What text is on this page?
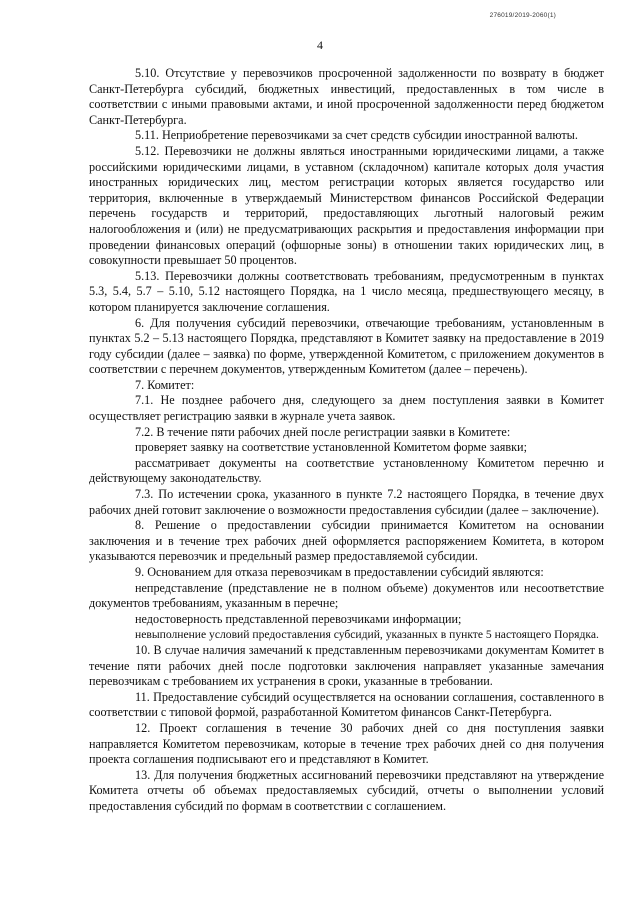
276019/2019-2060(1)
4

5.10. Отсутствие у перевозчиков просроченной задолженности по возврату в бюджет Санкт-Петербурга субсидий, бюджетных инвестиций, предоставленных в том числе в соответствии с иными правовыми актами, и иной просроченной задолженности перед бюджетом Санкт-Петербурга.

5.11. Неприобретение перевозчиками за счет средств субсидии иностранной валюты.

5.12. Перевозчики не должны являться иностранными юридическими лицами, а также российскими юридическими лицами, в уставном (складочном) капитале которых доля участия иностранных юридических лиц, местом регистрации которых является государство или территория, включенные в утверждаемый Министерством финансов Российской Федерации перечень государств и территорий, предоставляющих льготный налоговый режим налогообложения и (или) не предусматривающих раскрытия и предоставления информации при проведении финансовых операций (офшорные зоны) в отношении таких юридических лиц, в совокупности превышает 50 процентов.

5.13. Перевозчики должны соответствовать требованиям, предусмотренным в пунктах 5.3, 5.4, 5.7 – 5.10, 5.12 настоящего Порядка, на 1 число месяца, предшествующего месяцу, в котором планируется заключение соглашения.

6. Для получения субсидий перевозчики, отвечающие требованиям, установленным в пунктах 5.2 – 5.13 настоящего Порядка, представляют в Комитет заявку на предоставление в 2019 году субсидии (далее – заявка) по форме, утвержденной Комитетом, с приложением документов в соответствии с перечнем документов, утвержденным Комитетом (далее – перечень).

7. Комитет:

7.1. Не позднее рабочего дня, следующего за днем поступления заявки в Комитет осуществляет регистрацию заявки в журнале учета заявок.

7.2. В течение пяти рабочих дней после регистрации заявки в Комитете:

проверяет заявку на соответствие установленной Комитетом форме заявки;

рассматривает документы на соответствие установленному Комитетом перечню и действующему законодательству.

7.3. По истечении срока, указанного в пункте 7.2 настоящего Порядка, в течение двух рабочих дней готовит заключение о возможности предоставления субсидии (далее – заключение).

8. Решение о предоставлении субсидии принимается Комитетом на основании заключения и в течение трех рабочих дней оформляется распоряжением Комитета, в котором указываются перевозчик и предельный размер предоставляемой субсидии.

9. Основанием для отказа перевозчикам в предоставлении субсидий являются:

непредставление (представление не в полном объеме) документов или несоответствие документов требованиям, указанным в перечне;

недостоверность представленной перевозчиками информации;

невыполнение условий предоставления субсидий, указанных в пункте 5 настоящего Порядка.

10. В случае наличия замечаний к представленным перевозчиками документам Комитет в течение пяти рабочих дней после подготовки заключения направляет указанные замечания перевозчикам с требованием их устранения в сроки, указанные в требовании.

11. Предоставление субсидий осуществляется на основании соглашения, составленного в соответствии с типовой формой, разработанной Комитетом финансов Санкт-Петербурга.

12. Проект соглашения в течение 30 рабочих дней со дня поступления заявки направляется Комитетом перевозчикам, которые в течение трех рабочих дней со дня получения проекта соглашения подписывают его и представляют в Комитет.

13. Для получения бюджетных ассигнований перевозчики представляют на утверждение Комитета отчеты об объемах предоставляемых субсидий, отчеты о выполнении условий предоставления субсидий по формам в соответствии с соглашением.
